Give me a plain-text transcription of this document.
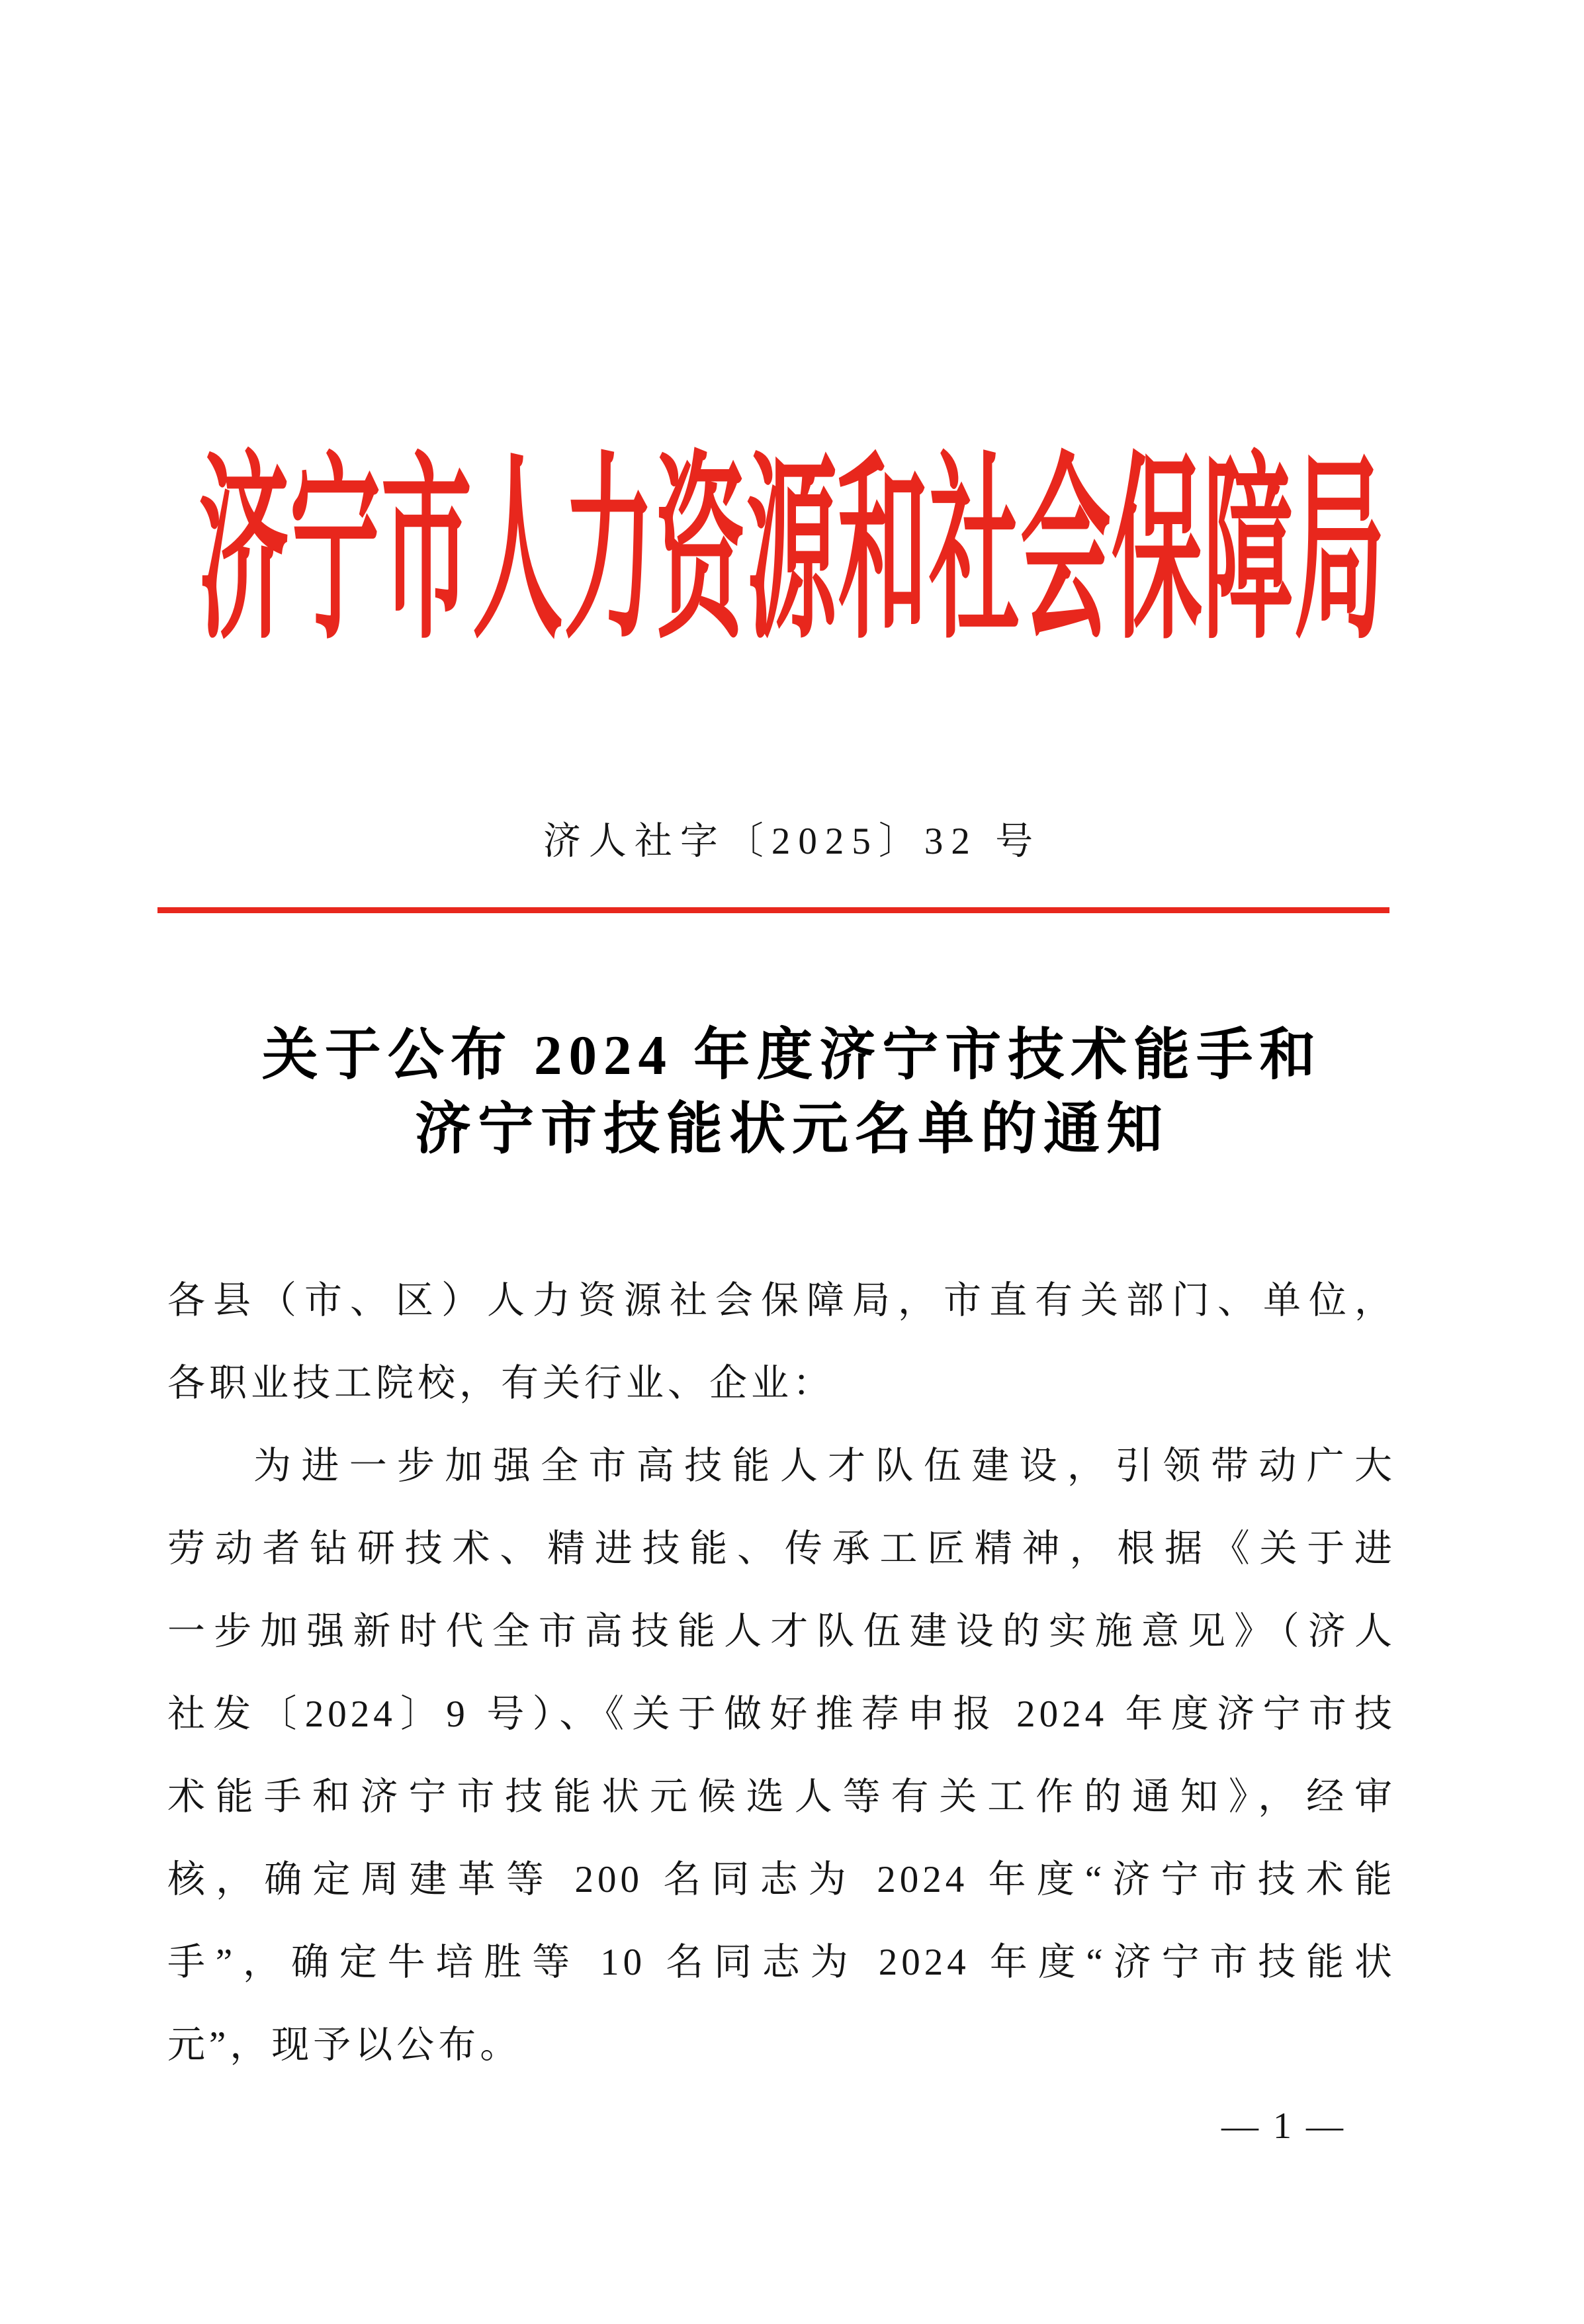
济宁市人力资源和社会保障局
济人社字〔2025〕32 号
关于公布 2024 年度济宁市技术能手和
济宁市技能状元名单的通知
各县（市、区）人力资源社会保障局，市直有关部门、单位，
各职业技工院校，有关行业、企业：
为进一步加强全市高技能人才队伍建设，引领带动广大
劳动者钻研技术、精进技能、传承工匠精神，根据《关于进
一步加强新时代全市高技能人才队伍建设的实施意见》（济人
社发〔2024〕9 号）、《关于做好推荐申报 2024 年度济宁市技
术能手和济宁市技能状元候选人等有关工作的通知》，经审
核，确定周建革等 200 名同志为 2024 年度“济宁市技术能
手”，确定牛培胜等 10 名同志为 2024 年度“济宁市技能状
元”，现予以公布。
— 1 —
